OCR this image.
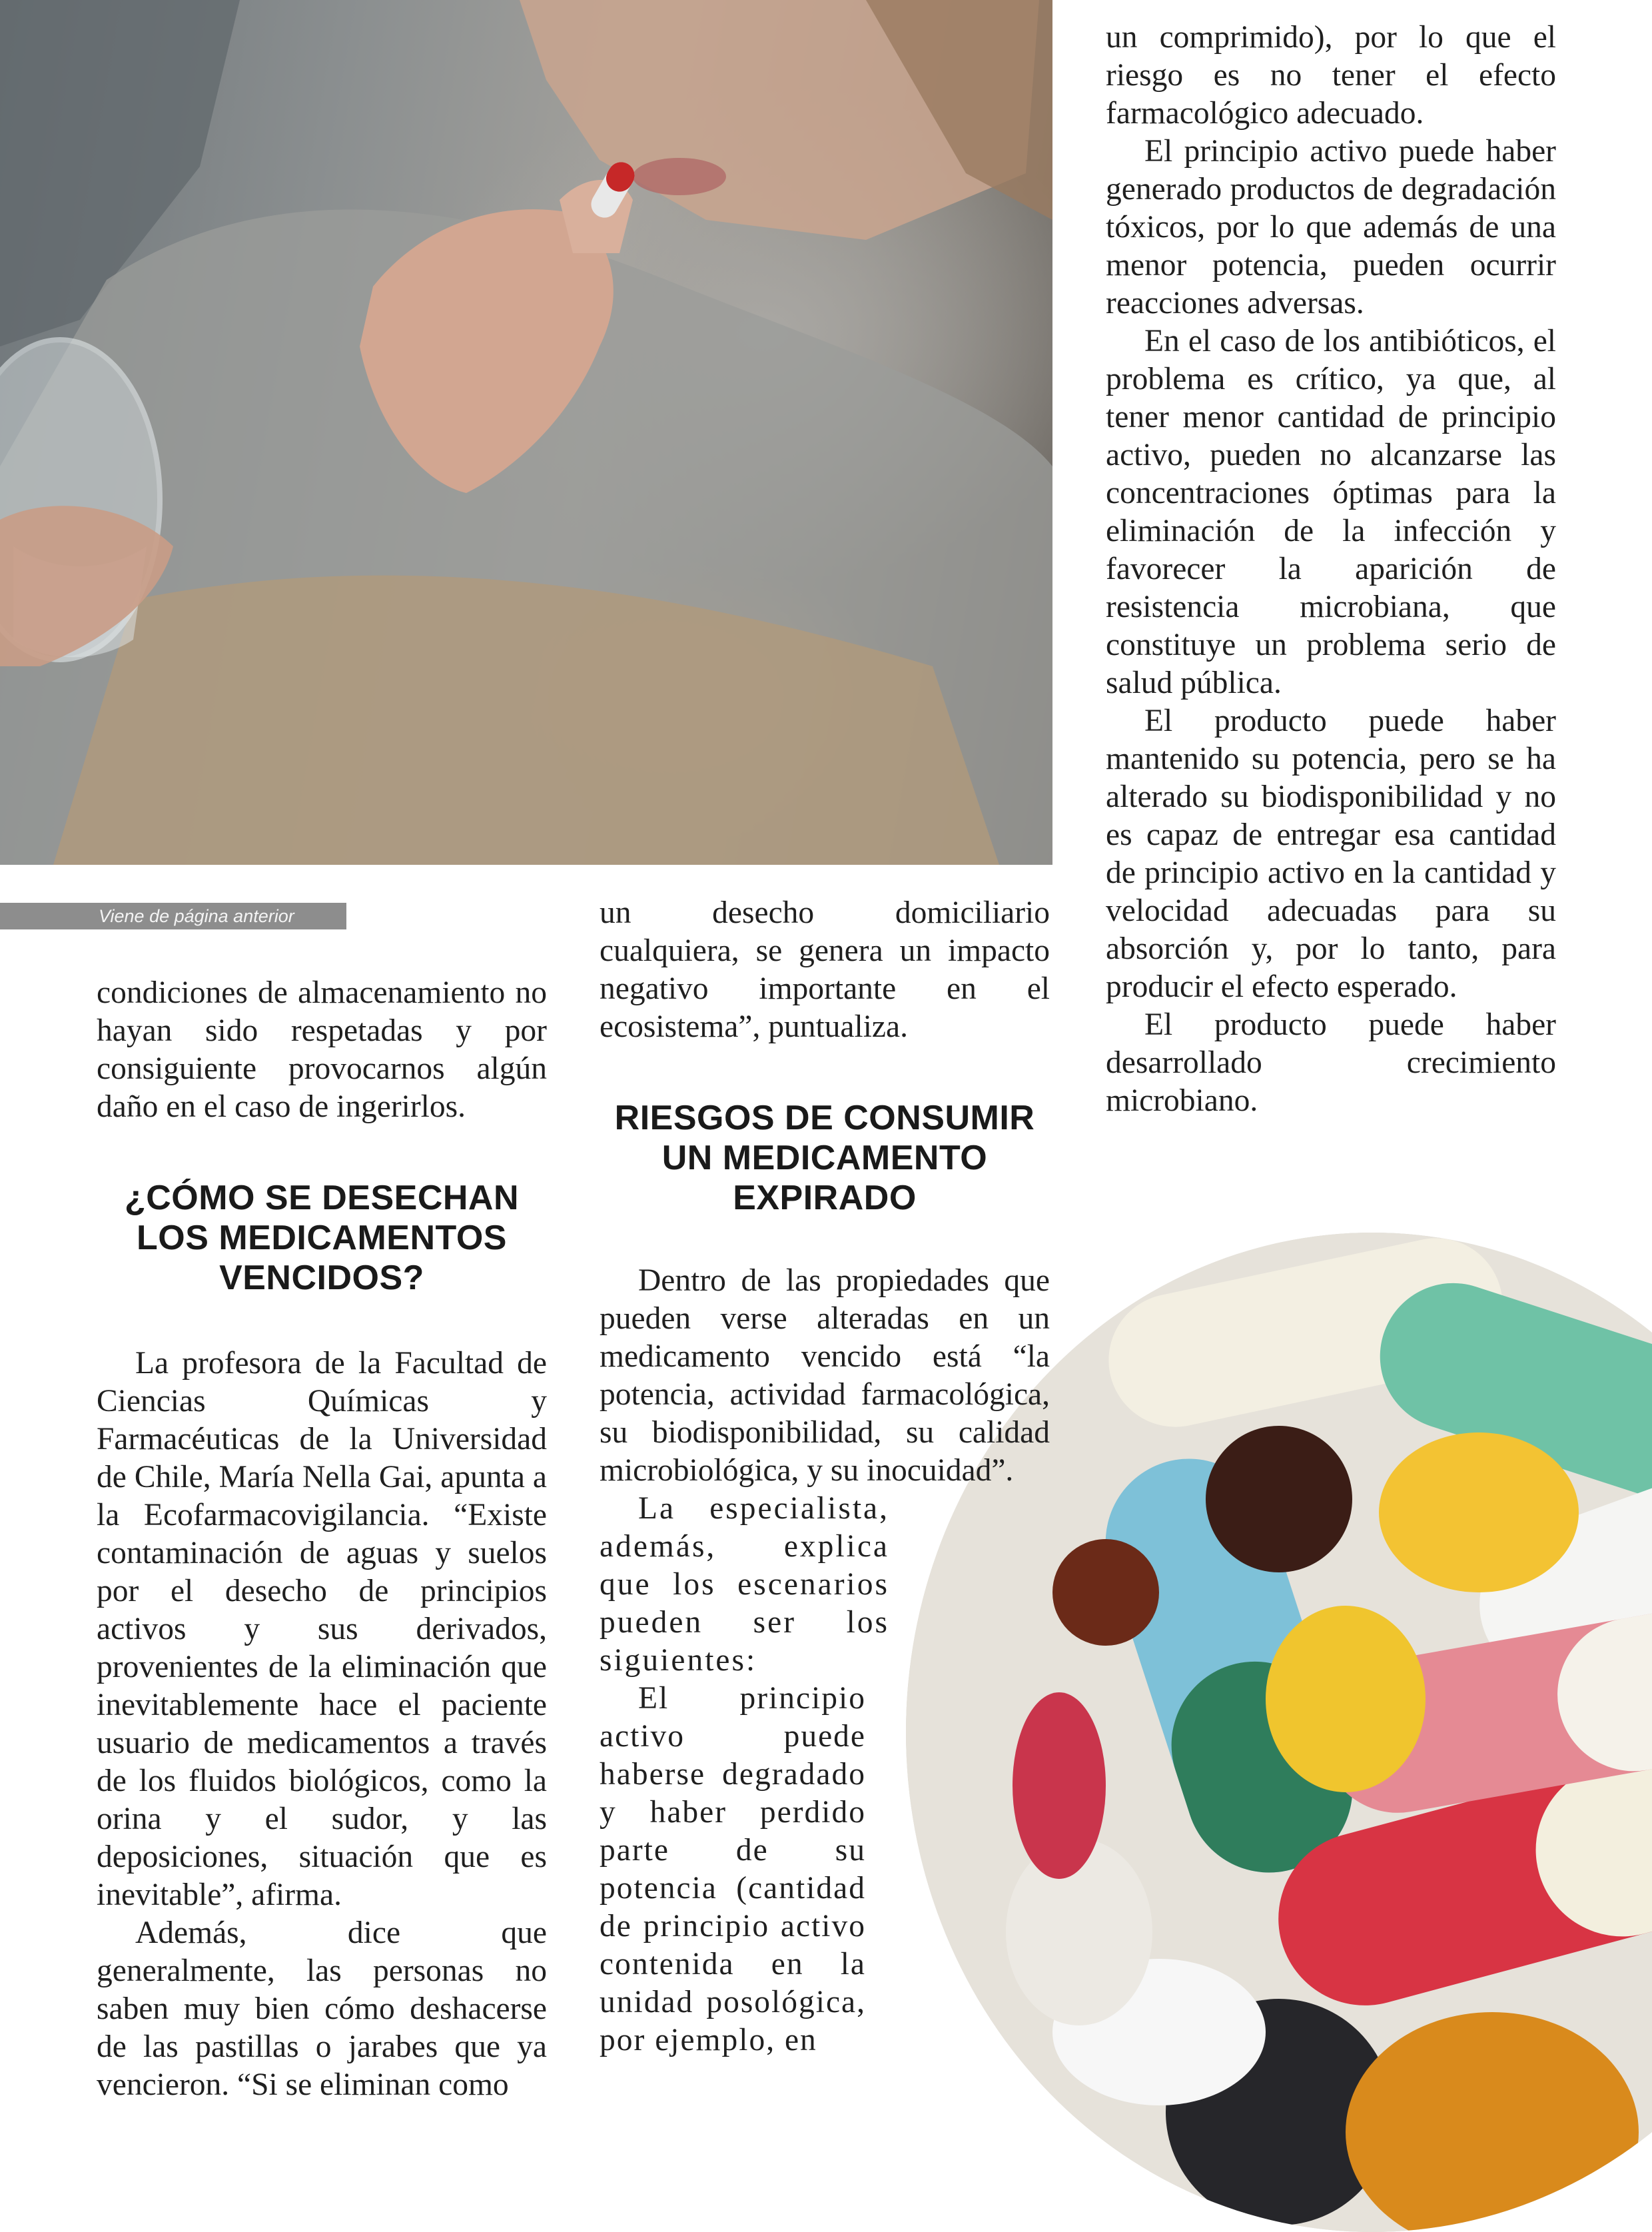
Viene de página anterior

condiciones de almacenamiento no hayan sido respetadas y por consiguiente provocarnos algún daño en el caso de ingerirlos.

¿CÓMO SE DESECHAN LOS MEDICAMENTOS VENCIDOS?

La profesora de la Facultad de Ciencias Químicas y Farmacéuticas de la Universidad de Chile, María Nella Gai, apunta a la Ecofarmacovigilancia. “Existe contaminación de aguas y suelos por el desecho de principios activos y sus derivados, provenientes de la eliminación que inevitablemente hace el paciente usuario de medicamentos a través de los fluidos biológicos, como la orina y el sudor, y las deposiciones, situación que es inevitable”, afirma.

Además, dice que generalmente, las personas no saben muy bien cómo deshacerse de las pastillas o jarabes que ya vencieron. “Si se eliminan como

un desecho domiciliario cualquiera, se genera un impacto negativo importante en el ecosistema”, puntualiza.

RIESGOS DE CONSUMIR UN MEDICAMENTO EXPIRADO

Dentro de las propiedades que pueden verse alteradas en un medicamento vencido está “la potencia, actividad farmacológica, su biodisponibilidad, su calidad microbiológica, y su inocuidad”.

La especialista, además, explica que los escenarios pueden ser los siguientes:

El principio activo puede haberse degradado y haber perdido parte de su potencia (cantidad de principio activo contenida en la unidad posológica, por ejemplo, en

un comprimido), por lo que el riesgo es no tener el efecto farmacológico adecuado.

El principio activo puede haber generado productos de degradación tóxicos, por lo que además de una menor potencia, pueden ocurrir reacciones adversas.

En el caso de los antibióticos, el problema es crítico, ya que, al tener menor cantidad de principio activo, pueden no alcanzarse las concentraciones óptimas para la eliminación de la infección y favorecer la aparición de resistencia microbiana, que constituye un problema serio de salud pública.

El producto puede haber mantenido su potencia, pero se ha alterado su biodisponibilidad y no es capaz de entregar esa cantidad de principio activo en la cantidad y velocidad adecuadas para su absorción y, por lo tanto, para producir el efecto esperado.

El producto puede haber desarrollado crecimiento microbiano.
